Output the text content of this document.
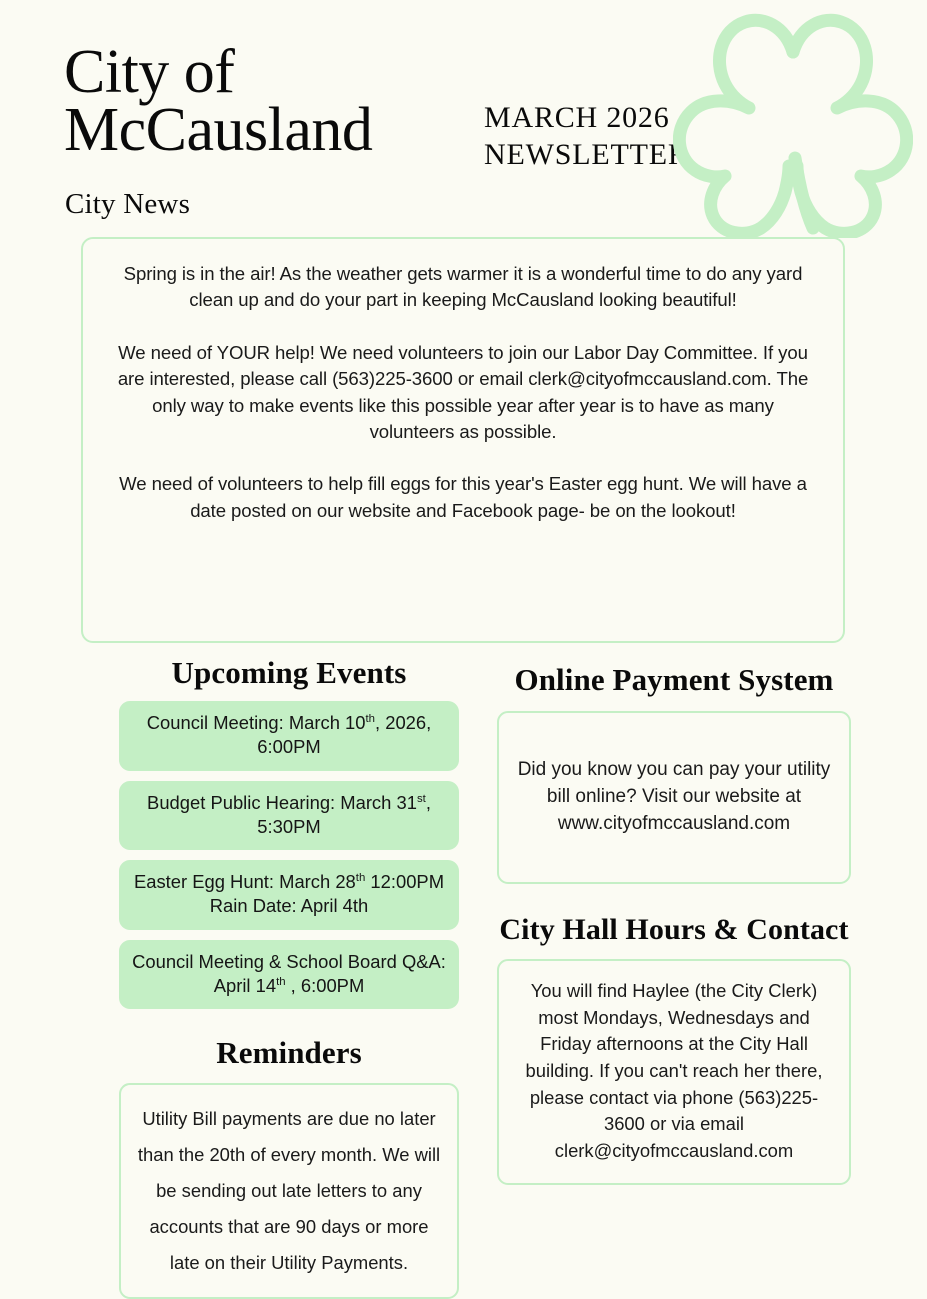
City of
McCausland	MARCH 2026
NEWSLETTER
City News

Spring is in the air! As the weather gets warmer it is a wonderful time to do any yard clean up and do your part in keeping McCausland looking beautiful!

We need of YOUR help! We need volunteers to join our Labor Day Committee. If you are interested, please call (563)225-3600 or email clerk@cityofmccausland.com. The only way to make events like this possible year after year is to have as many volunteers as possible.

We need of volunteers to help fill eggs for this year's Easter egg hunt. We will have a date posted on our website and Facebook page- be on the lookout!

Upcoming Events
Council Meeting: March 10th, 2026, 6:00PM
Budget Public Hearing: March 31st, 5:30PM
Easter Egg Hunt: March 28th 12:00PM Rain Date: April 4th
Council Meeting & School Board Q&A: April 14th , 6:00PM
Reminders
Utility Bill payments are due no later than the 20th of every month. We will be sending out late letters to any accounts that are 90 days or more late on their Utility Payments.
Online Payment System
Did you know you can pay your utility bill online? Visit our website at www.cityofmccausland.com
City Hall Hours & Contact
You will find Haylee (the City Clerk) most Mondays, Wednesdays and Friday afternoons at the City Hall building. If you can't reach her there, please contact via phone (563)225-3600 or via email clerk@cityofmccausland.com
